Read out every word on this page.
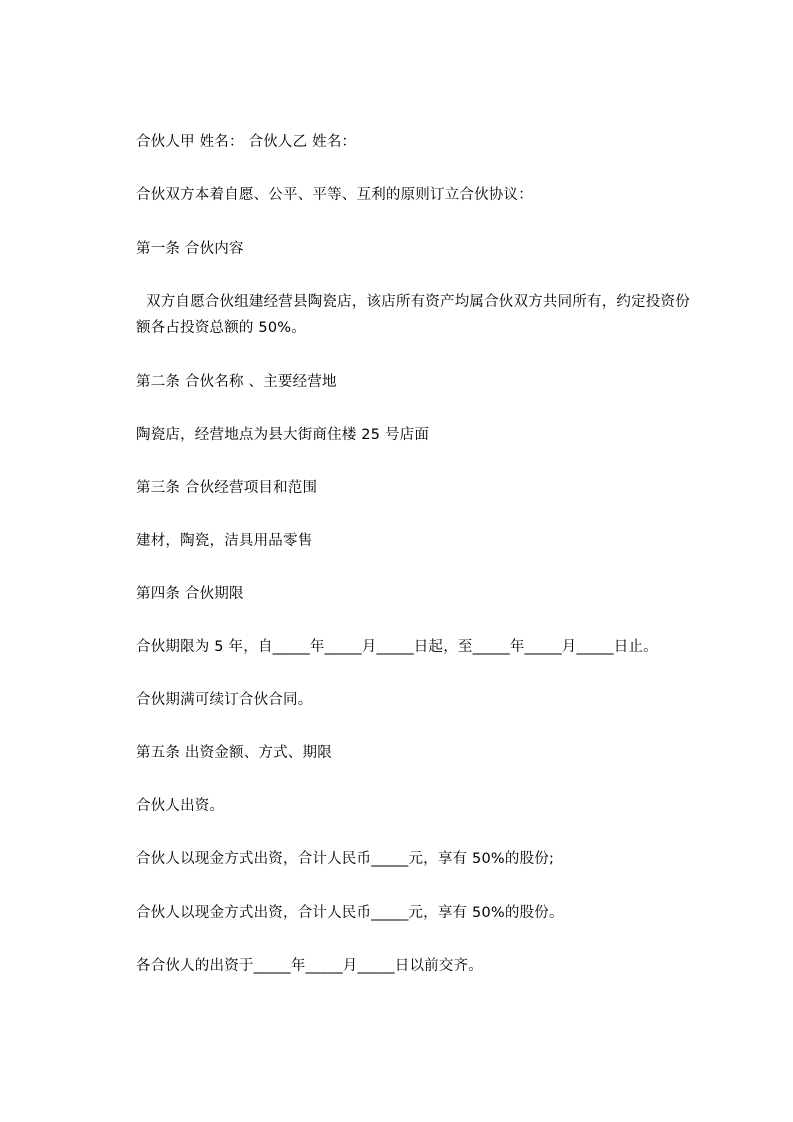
合伙人甲 姓名： 合伙人乙 姓名：
合伙双方本着自愿、公平、平等、互利的原则订立合伙协议：
第一条 合伙内容
双方自愿合伙组建经营县陶瓷店，该店所有资产均属合伙双方共同所有，约定投资份额各占投资总额的 50%。
第二条 合伙名称 、主要经营地
陶瓷店，经营地点为县大街商住楼 25 号店面
第三条 合伙经营项目和范围
建材，陶瓷，洁具用品零售
第四条 合伙期限
合伙期限为 5 年，自_____年_____月_____日起，至_____年_____月_____日止。
合伙期满可续订合伙合同。
第五条 出资金额、方式、期限
合伙人出资。
合伙人以现金方式出资，合计人民币_____元，享有 50%的股份;
合伙人以现金方式出资，合计人民币_____元，享有 50%的股份。
各合伙人的出资于_____年_____月_____日以前交齐。
